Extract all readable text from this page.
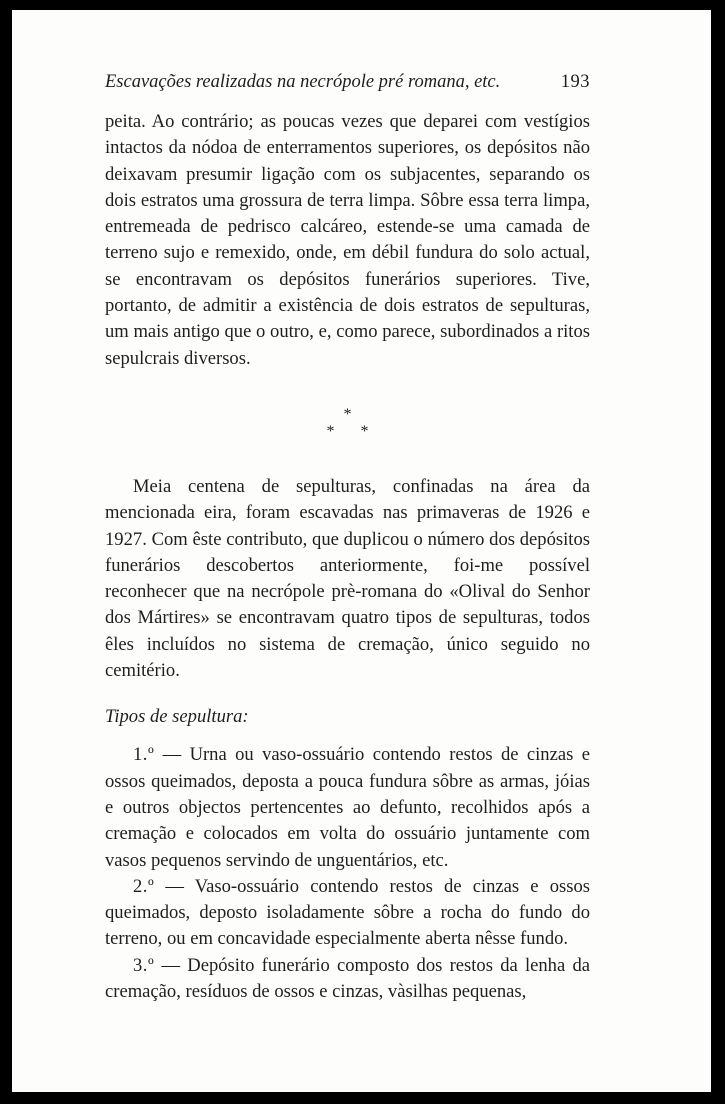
Escavações realizadas na necrópole pré romana, etc.	193

peita. Ao contrário; as poucas vezes que deparei com vestígios intactos da nódoa de enterramentos superiores, os depósitos não deixavam presumir ligação com os subjacentes, separando os dois estratos uma grossura de terra limpa. Sôbre essa terra limpa, entremeada de pedrisco calcáreo, estende-se uma camada de terreno sujo e remexido, onde, em débil fundura do solo actual, se encontravam os depósitos funerários superiores. Tive, portanto, de admitir a existência de dois estratos de sepulturas, um mais antigo que o outro, e, como parece, subordinados a ritos sepulcrais diversos.

*
* *

Meia centena de sepulturas, confinadas na área da mencionada eira, foram escavadas nas primaveras de 1926 e 1927. Com êste contributo, que duplicou o número dos depósitos funerários descobertos anteriormente, foi-me possível reconhecer que na necrópole prè-romana do «Olival do Senhor dos Mártires» se encontravam quatro tipos de sepulturas, todos êles incluídos no sistema de cremação, único seguido no cemitério.

Tipos de sepultura:

1.º — Urna ou vaso-ossuário contendo restos de cinzas e ossos queimados, deposta a pouca fundura sôbre as armas, jóias e outros objectos pertencentes ao defunto, recolhidos após a cremação e colocados em volta do ossuário juntamente com vasos pequenos servindo de unguentários, etc.

2.º — Vaso-ossuário contendo restos de cinzas e ossos queimados, deposto isoladamente sôbre a rocha do fundo do terreno, ou em concavidade especialmente aberta nêsse fundo.

3.º — Depósito funerário composto dos restos da lenha da cremação, resíduos de ossos e cinzas, vàsilhas pequenas,
